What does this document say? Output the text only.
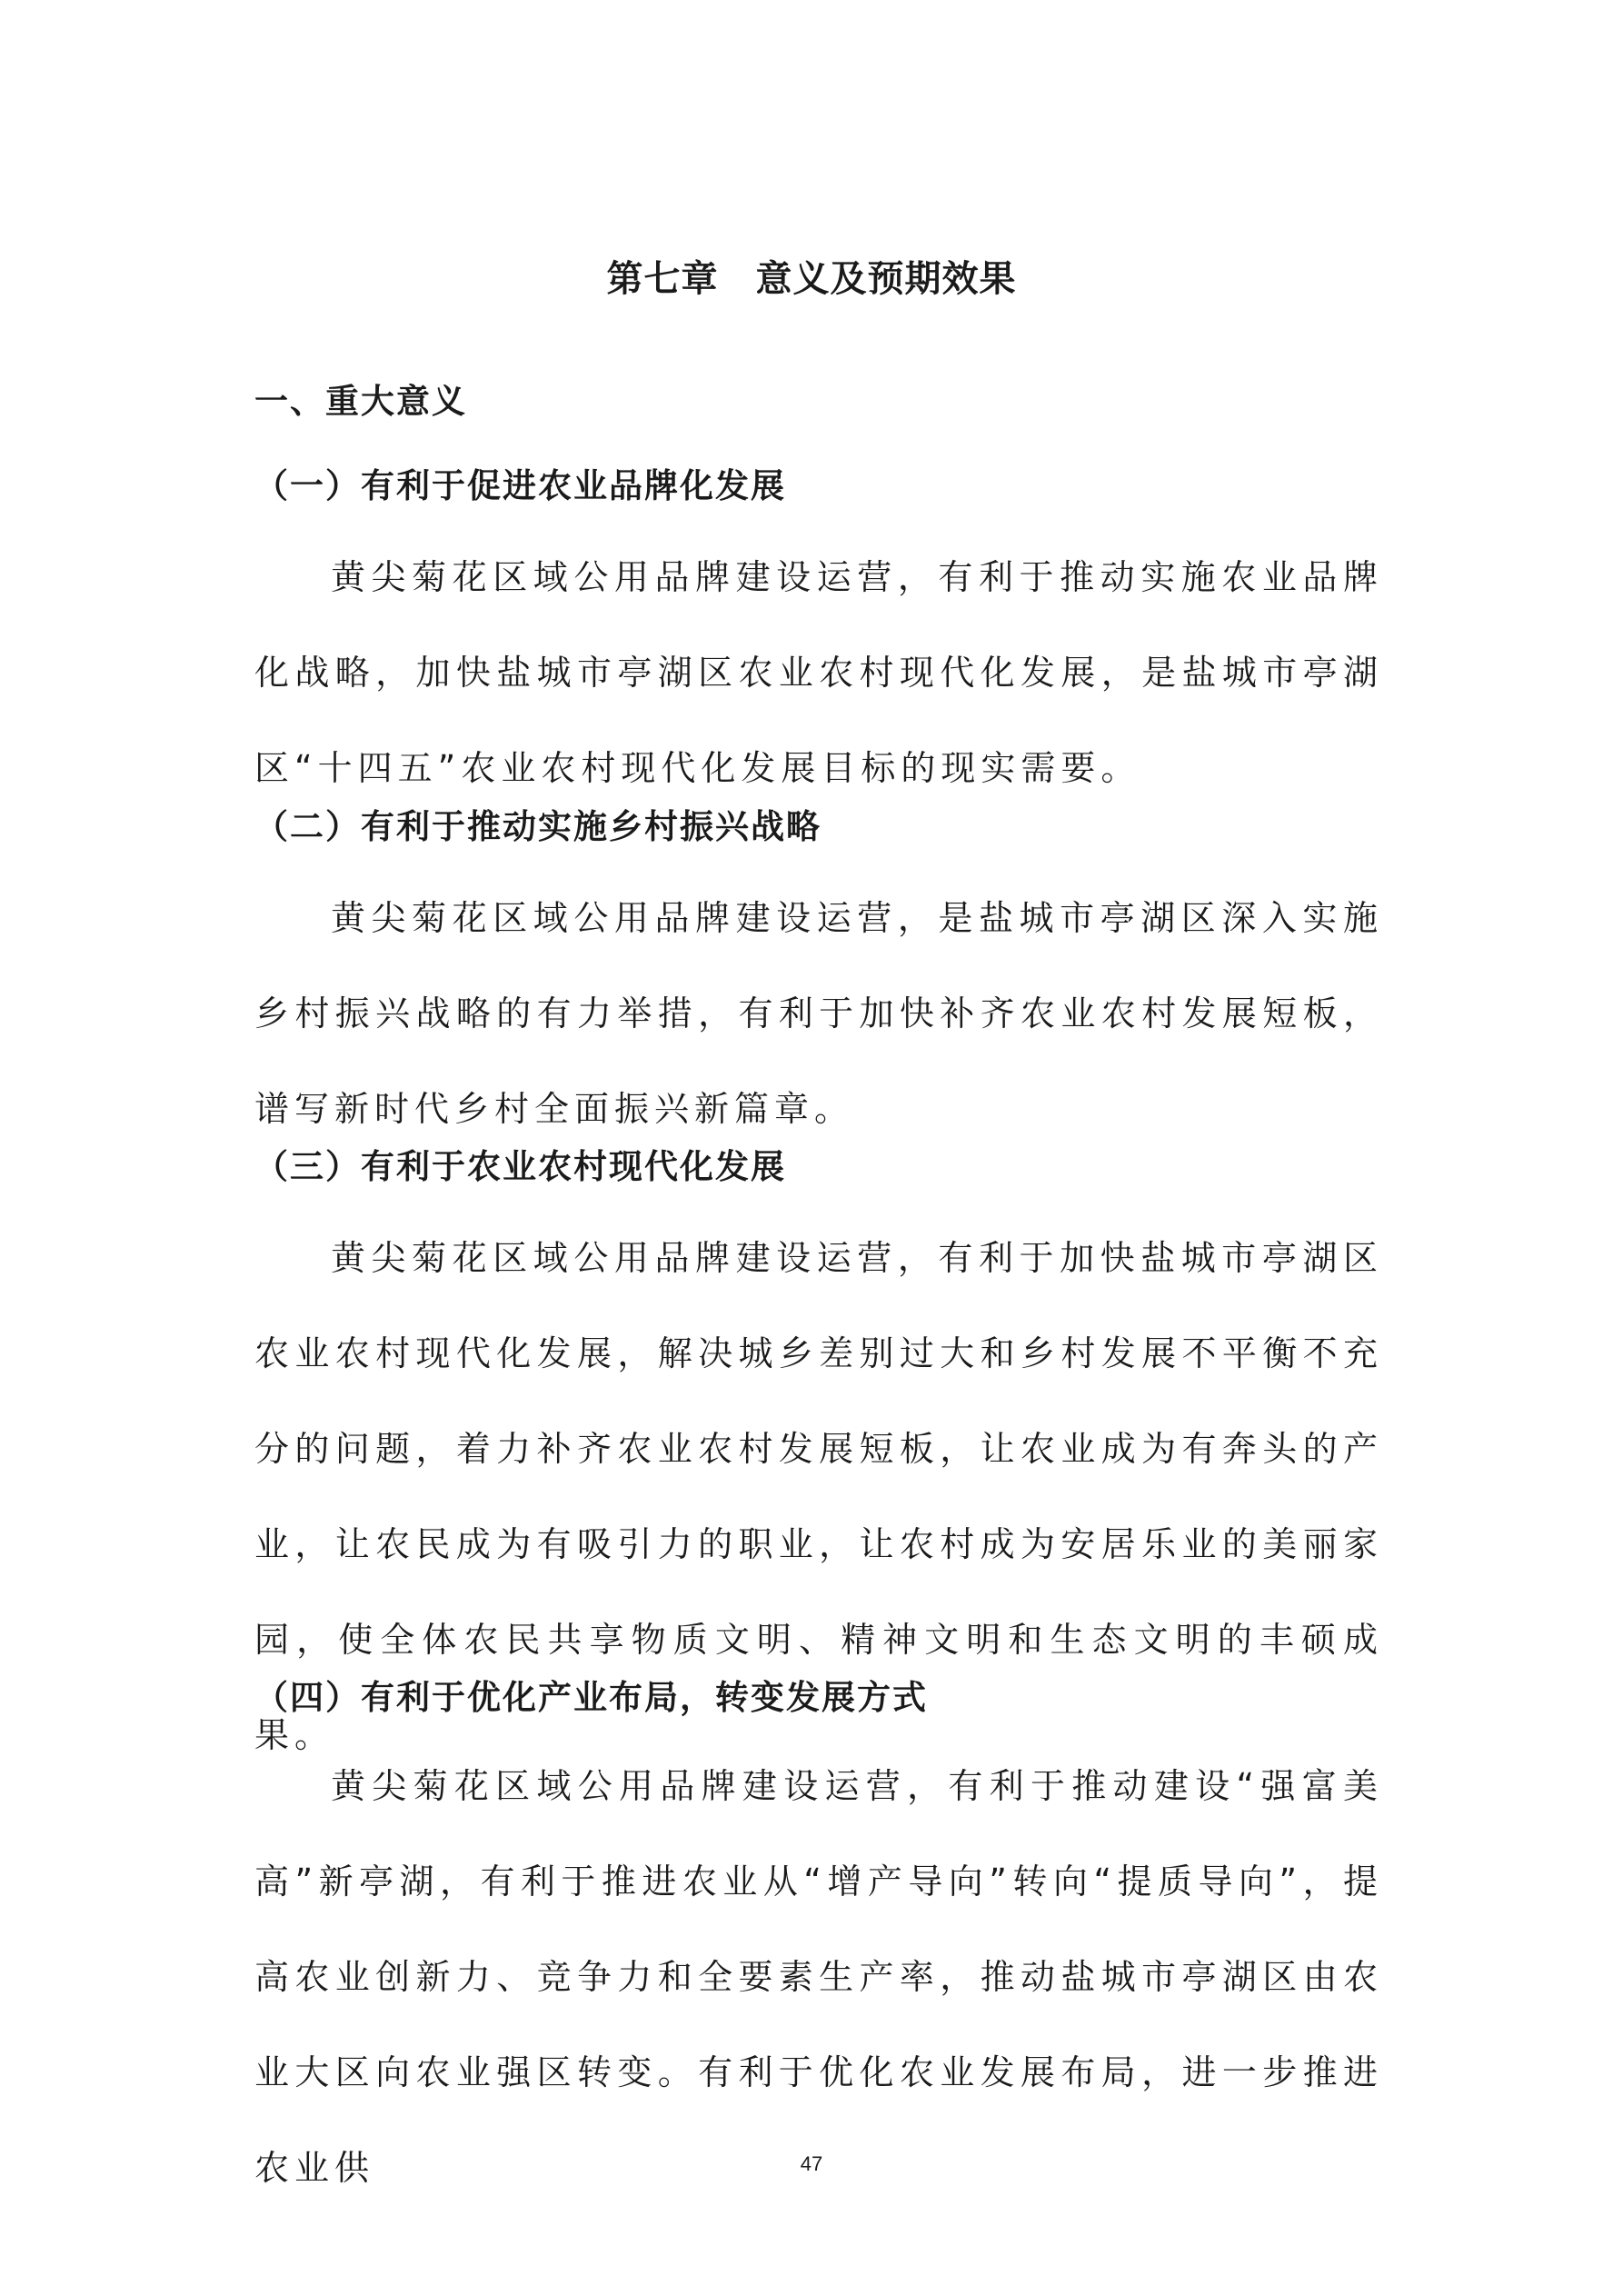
第七章　意义及预期效果
一、重大意义
（一）有利于促进农业品牌化发展

黄尖菊花区域公用品牌建设运营，有利于推动实施农业品牌化战略，加快盐城市亭湖区农业农村现代化发展，是盐城市亭湖区“十四五”农业农村现代化发展目标的现实需要。

（二）有利于推动实施乡村振兴战略

黄尖菊花区域公用品牌建设运营，是盐城市亭湖区深入实施乡村振兴战略的有力举措，有利于加快补齐农业农村发展短板，谱写新时代乡村全面振兴新篇章。

（三）有利于农业农村现代化发展

黄尖菊花区域公用品牌建设运营，有利于加快盐城市亭湖区农业农村现代化发展，解决城乡差别过大和乡村发展不平衡不充分的问题，着力补齐农业农村发展短板，让农业成为有奔头的产业，让农民成为有吸引力的职业，让农村成为安居乐业的美丽家园，使全体农民共享物质文明、精神文明和生态文明的丰硕成果。

（四）有利于优化产业布局，转变发展方式

黄尖菊花区域公用品牌建设运营，有利于推动建设“强富美高”新亭湖，有利于推进农业从“增产导向”转向“提质导向”，提高农业创新力、竞争力和全要素生产率，推动盐城市亭湖区由农业大区向农业强区转变。有利于优化农业发展布局，进一步推进农业供	47
